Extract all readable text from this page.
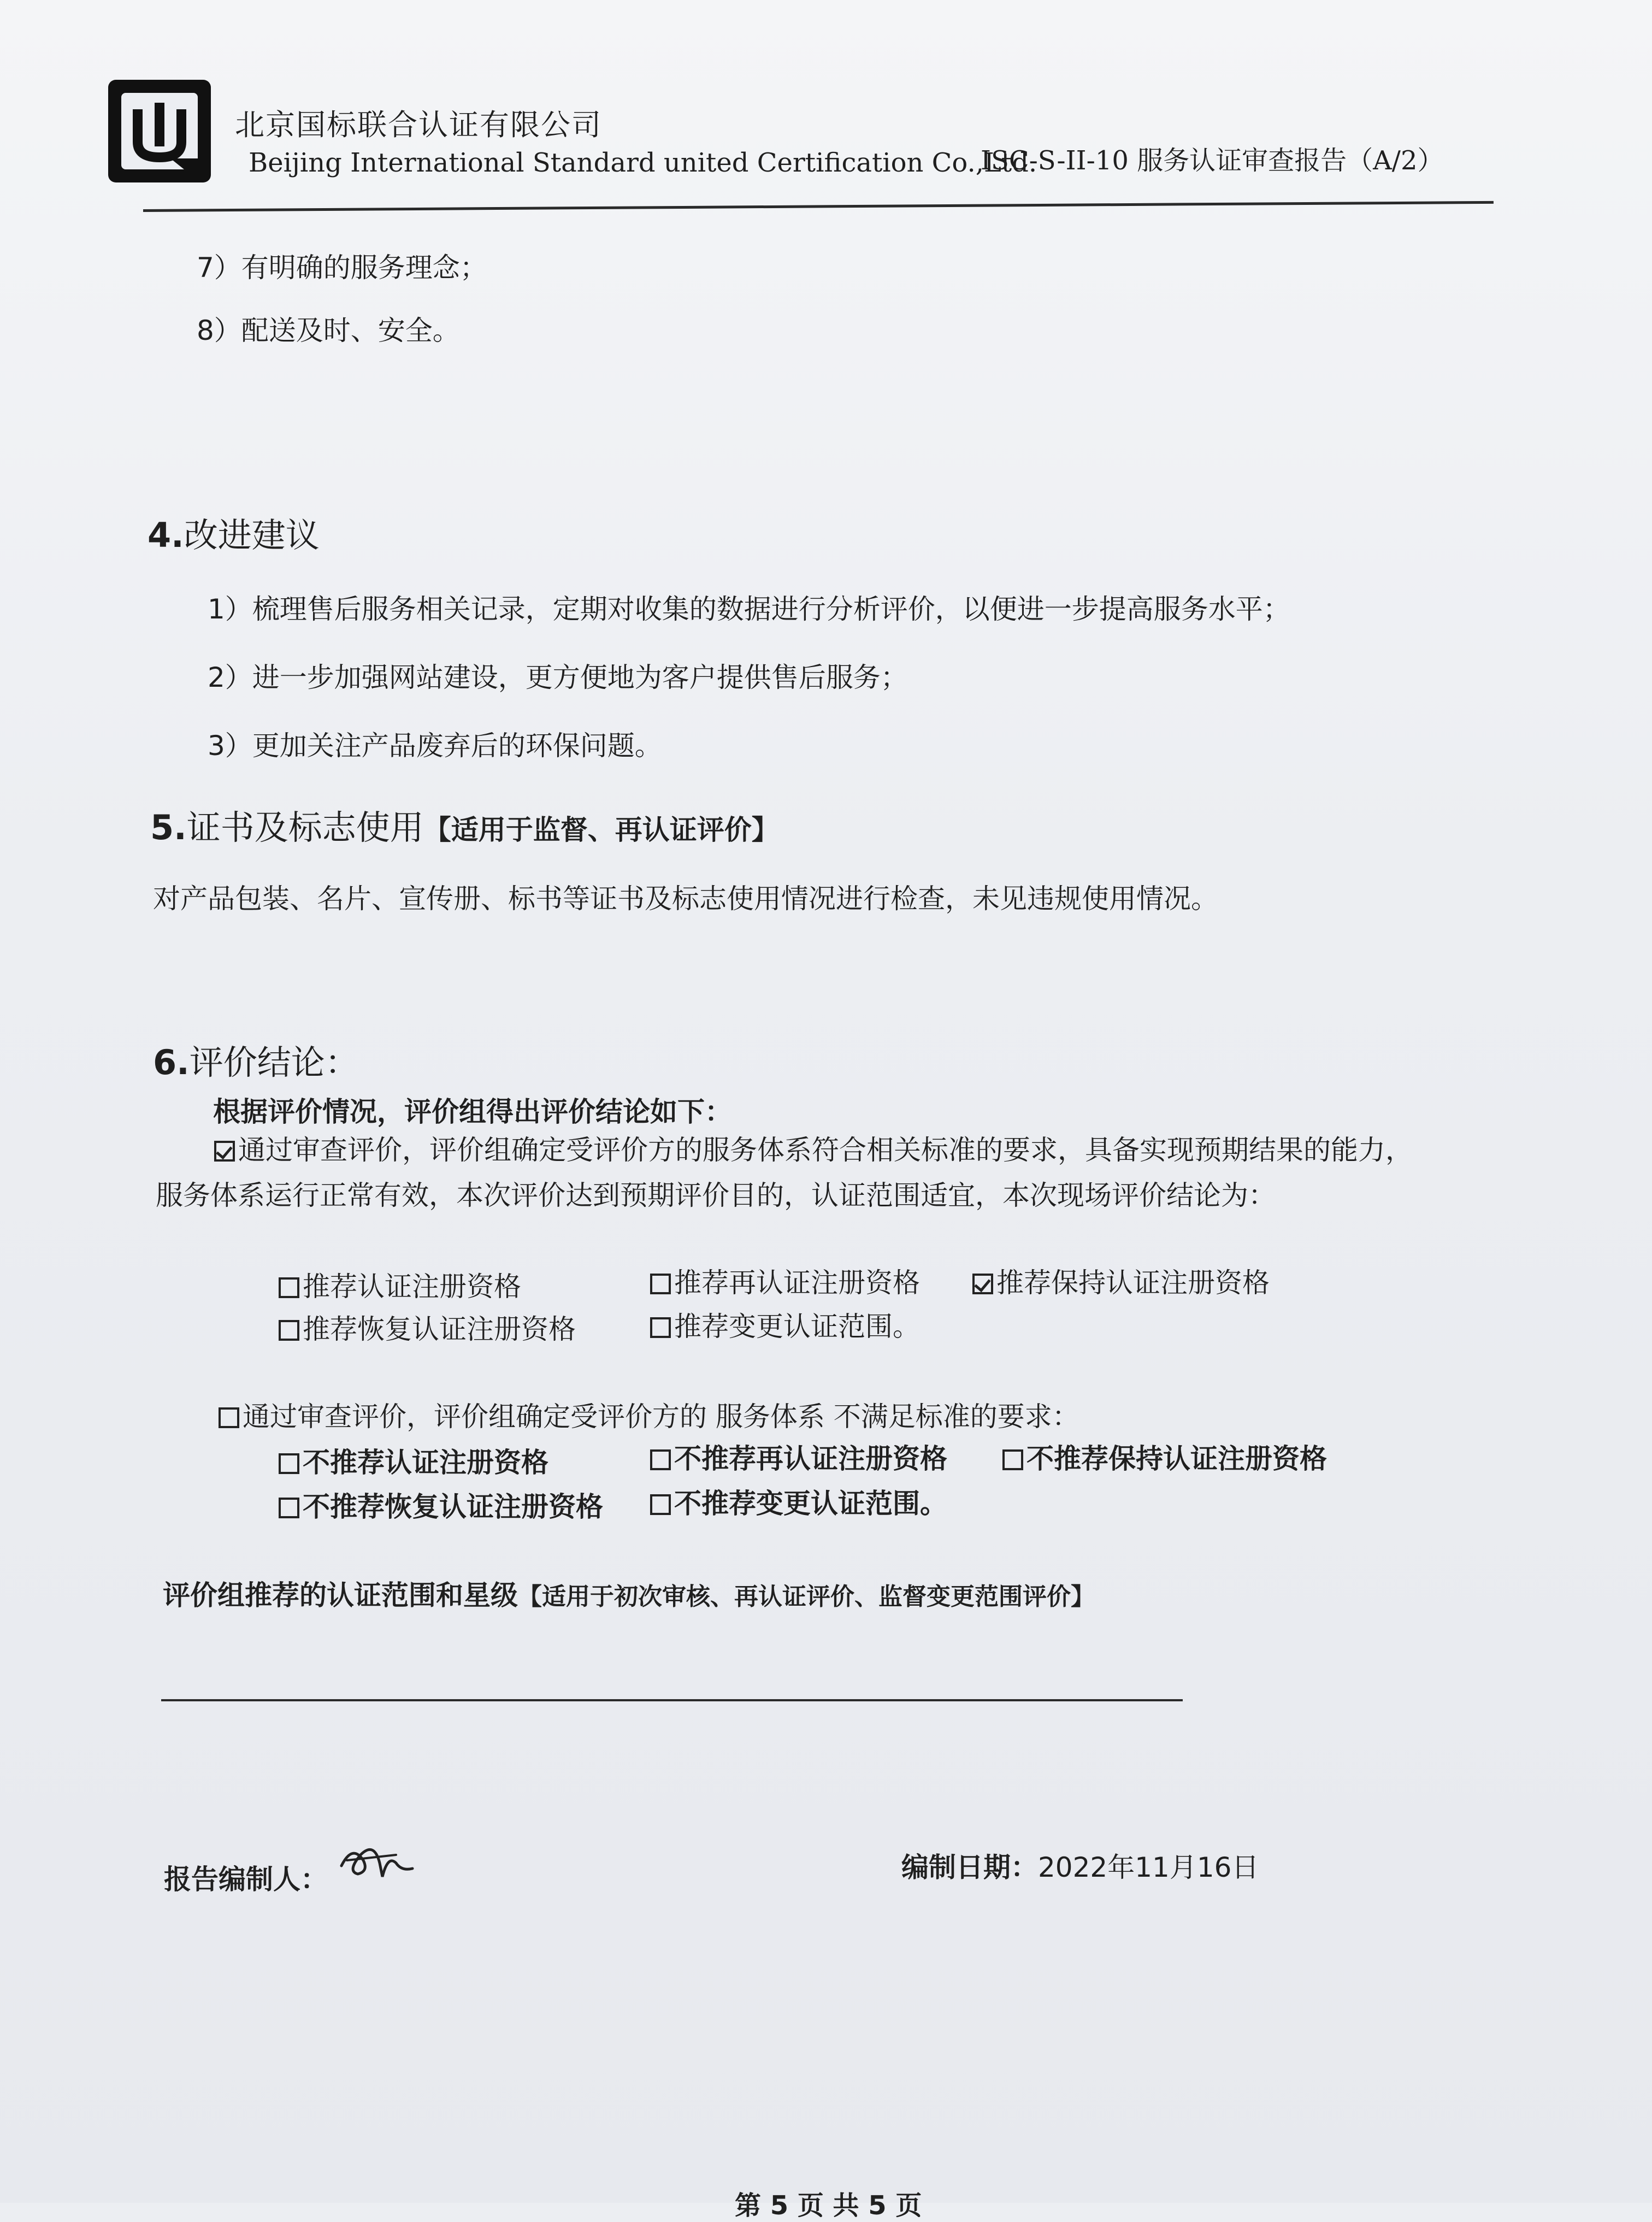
北京国标联合认证有限公司
Beijing International Standard united Certification Co.,Ltd.
ISC-S-II-10 服务认证审查报告（A/2）
7）有明确的服务理念；
8）配送及时、安全。
4.改进建议
1）梳理售后服务相关记录，定期对收集的数据进行分析评价，以便进一步提高服务水平；
2）进一步加强网站建设，更方便地为客户提供售后服务；
3）更加关注产品废弃后的环保问题。
5.证书及标志使用【适用于监督、再认证评价】
对产品包装、名片、宣传册、标书等证书及标志使用情况进行检查，未见违规使用情况。
6.评价结论：
根据评价情况，评价组得出评价结论如下：
通过审查评价，评价组确定受评价方的服务体系符合相关标准的要求，具备实现预期结果的能力，
服务体系运行正常有效，本次评价达到预期评价目的，认证范围适宜，本次现场评价结论为：
推荐认证注册资格	推荐再认证注册资格	推荐保持认证注册资格
推荐恢复认证注册资格	推荐变更认证范围。
通过审查评价，评价组确定受评价方的 服务体系 不满足标准的要求：
不推荐认证注册资格	不推荐再认证注册资格	不推荐保持认证注册资格
不推荐恢复认证注册资格	不推荐变更认证范围。
评价组推荐的认证范围和星级【适用于初次审核、再认证评价、监督变更范围评价】
报告编制人：	编制日期：2022年11月16日
第 5 页 共 5 页
